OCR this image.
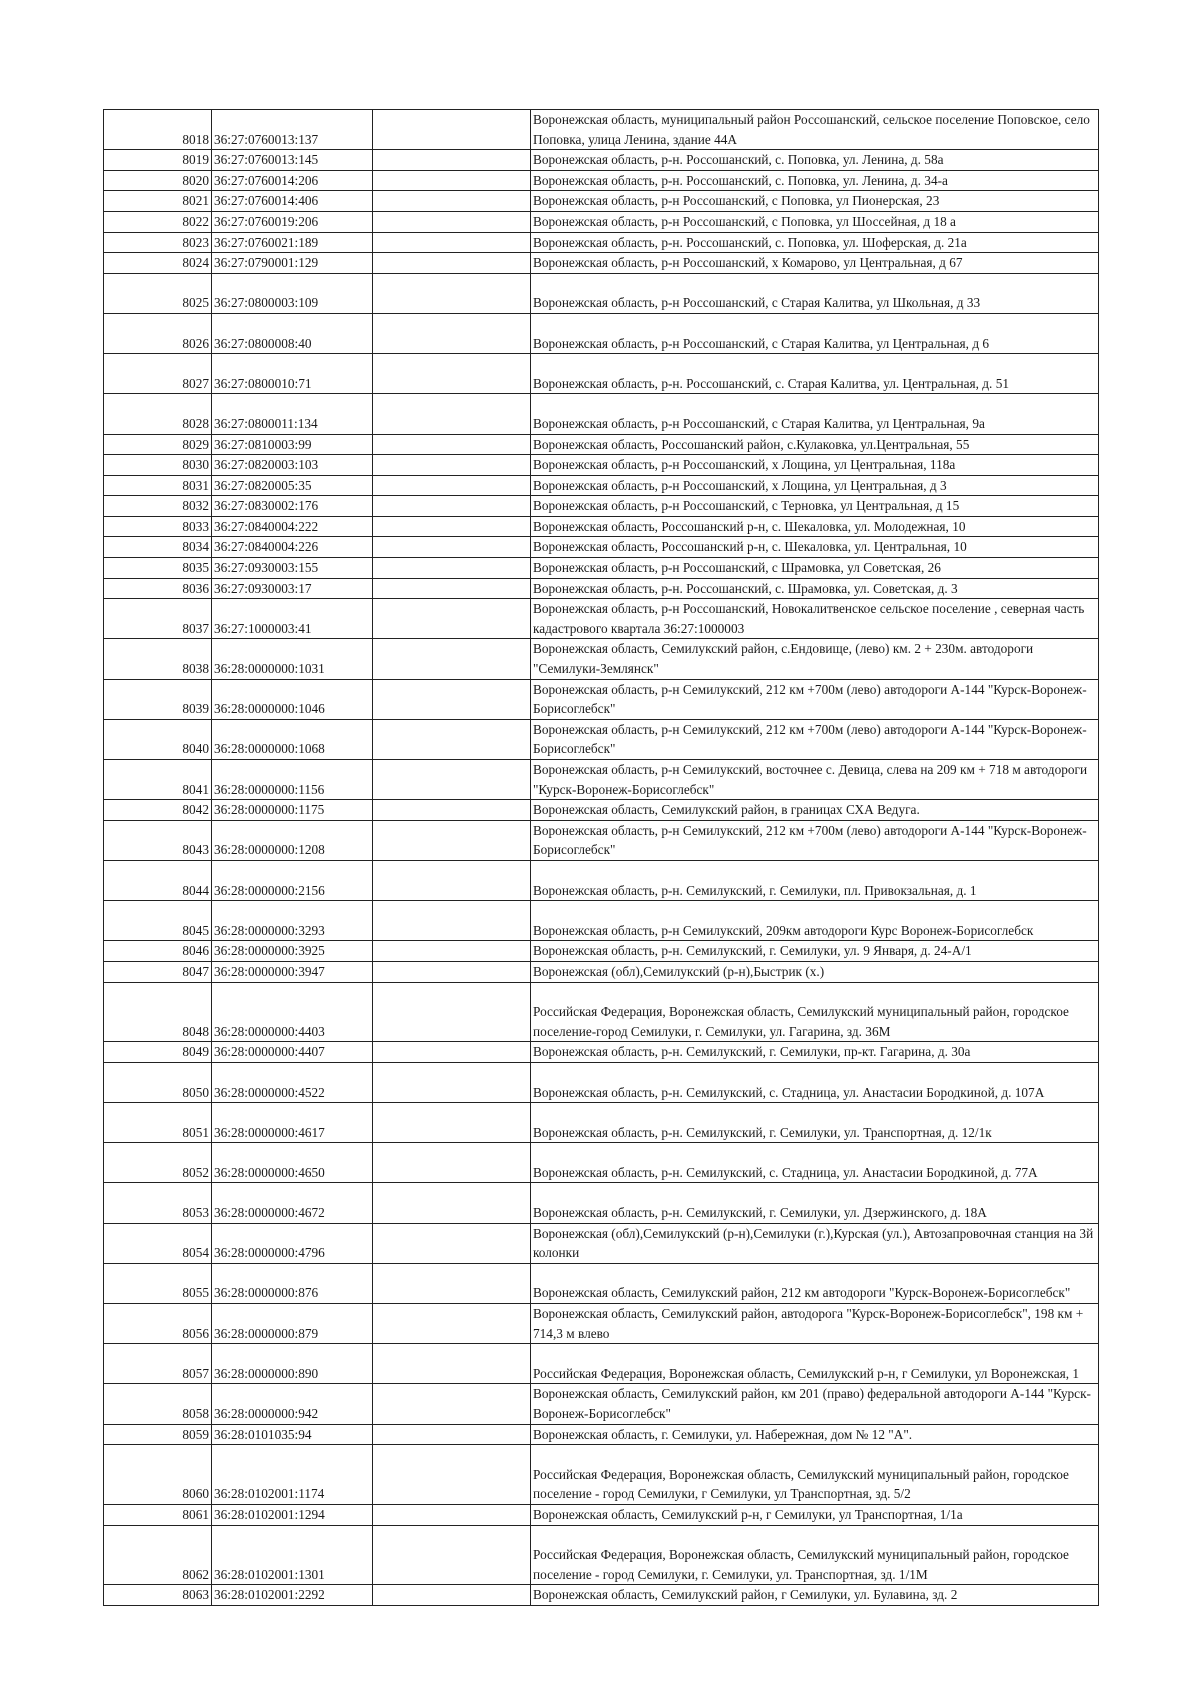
8018	36:27:0760013:137		Воронежская область, муниципальный район Россошанский, сельское поселение Поповское, село Поповка, улица Ленина, здание 44А
8019	36:27:0760013:145		Воронежская область, р-н. Россошанский, с. Поповка, ул. Ленина, д. 58а
8020	36:27:0760014:206		Воронежская область, р-н. Россошанский, с. Поповка, ул. Ленина, д. 34-а
8021	36:27:0760014:406		Воронежская область, р-н Россошанский, с Поповка, ул Пионерская, 23
8022	36:27:0760019:206		Воронежская область, р-н Россошанский, с Поповка, ул Шоссейная, д 18 а
8023	36:27:0760021:189		Воронежская область, р-н. Россошанский, с. Поповка, ул. Шоферская, д. 21а
8024	36:27:0790001:129		Воронежская область, р-н Россошанский, х Комарово, ул Центральная, д 67
8025	36:27:0800003:109		Воронежская область, р-н Россошанский, с Старая Калитва, ул Школьная, д 33
8026	36:27:0800008:40		Воронежская область, р-н Россошанский, с Старая Калитва, ул Центральная, д 6
8027	36:27:0800010:71		Воронежская область, р-н. Россошанский, с. Старая Калитва, ул. Центральная, д. 51
8028	36:27:0800011:134		Воронежская область, р-н Россошанский, с Старая Калитва, ул Центральная, 9а
8029	36:27:0810003:99		Воронежская область, Россошанский район, с.Кулаковка, ул.Центральная, 55
8030	36:27:0820003:103		Воронежская область, р-н Россошанский, х Лощина, ул Центральная, 118а
8031	36:27:0820005:35		Воронежская область, р-н Россошанский, х Лощина, ул Центральная, д 3
8032	36:27:0830002:176		Воронежская область, р-н Россошанский, с Терновка, ул Центральная, д 15
8033	36:27:0840004:222		Воронежская область, Россошанский р-н, с. Шекаловка, ул. Молодежная, 10
8034	36:27:0840004:226		Воронежская область, Россошанский р-н, с. Шекаловка, ул. Центральная, 10
8035	36:27:0930003:155		Воронежская область, р-н Россошанский, с Шрамовка, ул Советская, 26
8036	36:27:0930003:17		Воронежская область, р-н. Россошанский, с. Шрамовка, ул. Советская, д. 3
8037	36:27:1000003:41		Воронежская область, р-н Россошанский, Новокалитвенское сельское поселение , северная часть кадастрового квартала 36:27:1000003
8038	36:28:0000000:1031		Воронежская область, Семилукский район, с.Ендовище, (лево) км. 2 + 230м. автодороги "Семилуки-Землянск"
8039	36:28:0000000:1046		Воронежская область, р-н Семилукский, 212 км +700м (лево) автодороги А-144 "Курск-Воронеж-Борисоглебск"
8040	36:28:0000000:1068		Воронежская область, р-н Семилукский, 212 км +700м (лево) автодороги А-144 "Курск-Воронеж-Борисоглебск"
8041	36:28:0000000:1156		Воронежская область, р-н Семилукский, восточнее с. Девица, слева на 209 км + 718 м автодороги "Курск-Воронеж-Борисоглебск"
8042	36:28:0000000:1175		Воронежская область, Семилукский район, в границах СХА Ведуга.
8043	36:28:0000000:1208		Воронежская область, р-н Семилукский, 212 км +700м (лево) автодороги А-144 "Курск-Воронеж-Борисоглебск"
8044	36:28:0000000:2156		Воронежская область, р-н. Семилукский, г. Семилуки, пл. Привокзальная, д. 1
8045	36:28:0000000:3293		Воронежская область, р-н Семилукский, 209км автодороги Курс Воронеж-Борисоглебск
8046	36:28:0000000:3925		Воронежская область, р-н. Семилукский, г. Семилуки, ул. 9 Января, д. 24-А/1
8047	36:28:0000000:3947		Воронежская (обл),Семилукский (р-н),Быстрик (х.)
8048	36:28:0000000:4403		Российская Федерация, Воронежская область, Семилукский муниципальный район, городское поселение-город Семилуки, г. Семилуки, ул. Гагарина, зд. 36М
8049	36:28:0000000:4407		Воронежская область, р-н. Семилукский, г. Семилуки, пр-кт. Гагарина, д. 30а
8050	36:28:0000000:4522		Воронежская область, р-н. Семилукский, с. Стадница, ул. Анастасии Бородкиной, д. 107А
8051	36:28:0000000:4617		Воронежская область, р-н. Семилукский, г. Семилуки, ул. Транспортная, д. 12/1к
8052	36:28:0000000:4650		Воронежская область, р-н. Семилукский, с. Стадница, ул. Анастасии Бородкиной, д. 77А
8053	36:28:0000000:4672		Воронежская область, р-н. Семилукский, г. Семилуки, ул. Дзержинского, д. 18А
8054	36:28:0000000:4796		Воронежская (обл),Семилукский (р-н),Семилуки (г.),Курская (ул.), Автозапровочная станция на 3й колонки
8055	36:28:0000000:876		Воронежская область, Семилукский район, 212 км автодороги "Курск-Воронеж-Борисоглебск"
8056	36:28:0000000:879		Воронежская область, Семилукский район, автодорога "Курск-Воронеж-Борисоглебск", 198 км + 714,3 м влево
8057	36:28:0000000:890		Российская Федерация, Воронежская область, Семилукский р-н, г Семилуки, ул Воронежская, 1
8058	36:28:0000000:942		Воронежская область, Семилукский район, км 201 (право) федеральной автодороги А-144 "Курск-Воронеж-Борисоглебск"
8059	36:28:0101035:94		Воронежская область, г. Семилуки, ул. Набережная, дом № 12 "А".
8060	36:28:0102001:1174		Российская Федерация, Воронежская область, Семилукский муниципальный район, городское поселение - город Семилуки, г Семилуки, ул Транспортная, зд. 5/2
8061	36:28:0102001:1294		Воронежская область, Семилукский р-н, г Семилуки, ул Транспортная, 1/1а
8062	36:28:0102001:1301		Российская Федерация, Воронежская область, Семилукский муниципальный район, городское поселение - город Семилуки, г. Семилуки, ул. Транспортная, зд. 1/1М
8063	36:28:0102001:2292		Воронежская область, Семилукский район, г Семилуки, ул. Булавина, зд. 2
